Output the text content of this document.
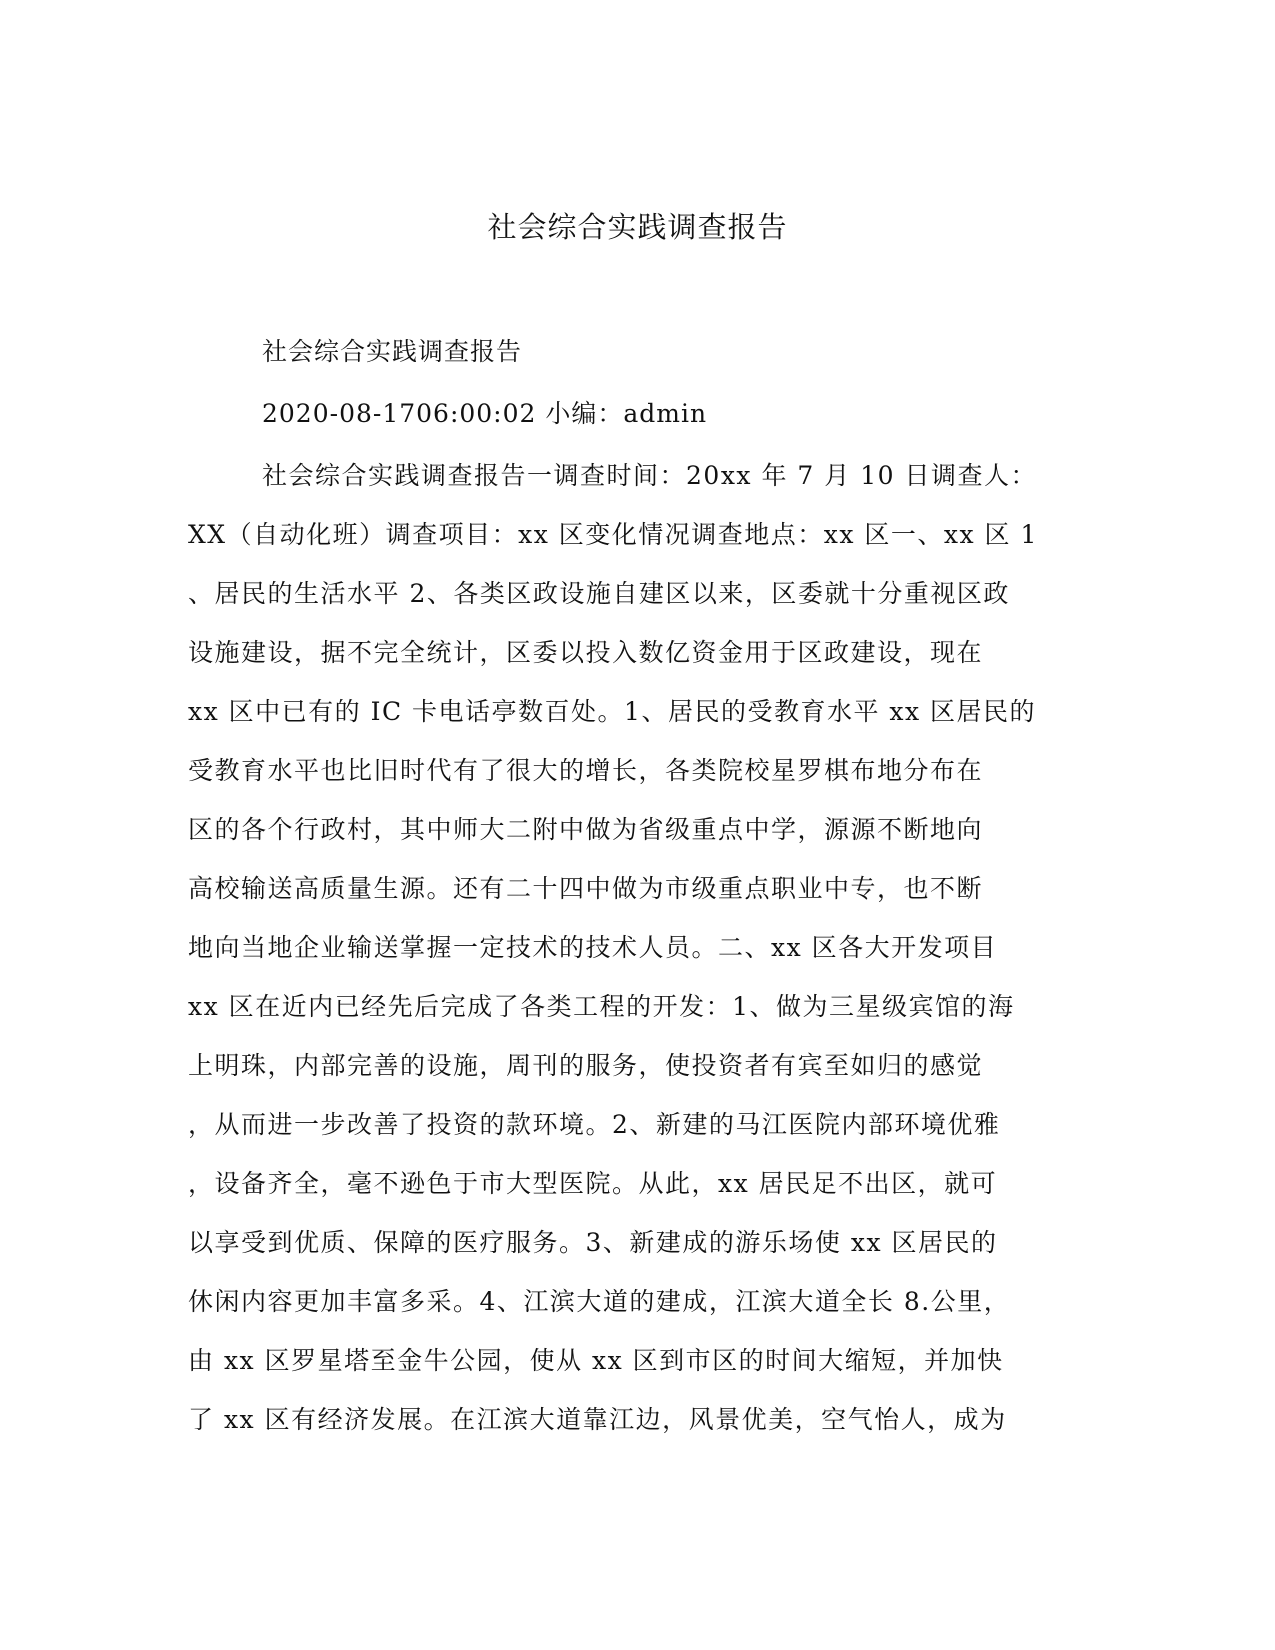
社会综合实践调查报告
社会综合实践调查报告
2020-08-1706:00:02 小编：admin
社会综合实践调查报告一调查时间：20xx 年 7 月 10 日调查人：
XX（自动化班）调查项目：xx 区变化情况调查地点：xx 区一、xx 区 1
、居民的生活水平 2、各类区政设施自建区以来，区委就十分重视区政
设施建设，据不完全统计，区委以投入数亿资金用于区政建设，现在
xx 区中已有的 IC 卡电话亭数百处。1、居民的受教育水平 xx 区居民的
受教育水平也比旧时代有了很大的增长，各类院校星罗棋布地分布在
区的各个行政村，其中师大二附中做为省级重点中学，源源不断地向
高校输送高质量生源。还有二十四中做为市级重点职业中专，也不断
地向当地企业输送掌握一定技术的技术人员。二、xx 区各大开发项目
xx 区在近内已经先后完成了各类工程的开发：1、做为三星级宾馆的海
上明珠，内部完善的设施，周刊的服务，使投资者有宾至如归的感觉
，从而进一步改善了投资的款环境。2、新建的马江医院内部环境优雅
，设备齐全，毫不逊色于市大型医院。从此，xx 居民足不出区，就可
以享受到优质、保障的医疗服务。3、新建成的游乐场使 xx 区居民的
休闲内容更加丰富多采。4、江滨大道的建成，江滨大道全长 8.公里，
由 xx 区罗星塔至金牛公园，使从 xx 区到市区的时间大缩短，并加快
了 xx 区有经济发展。在江滨大道靠江边，风景优美，空气怡人，成为
